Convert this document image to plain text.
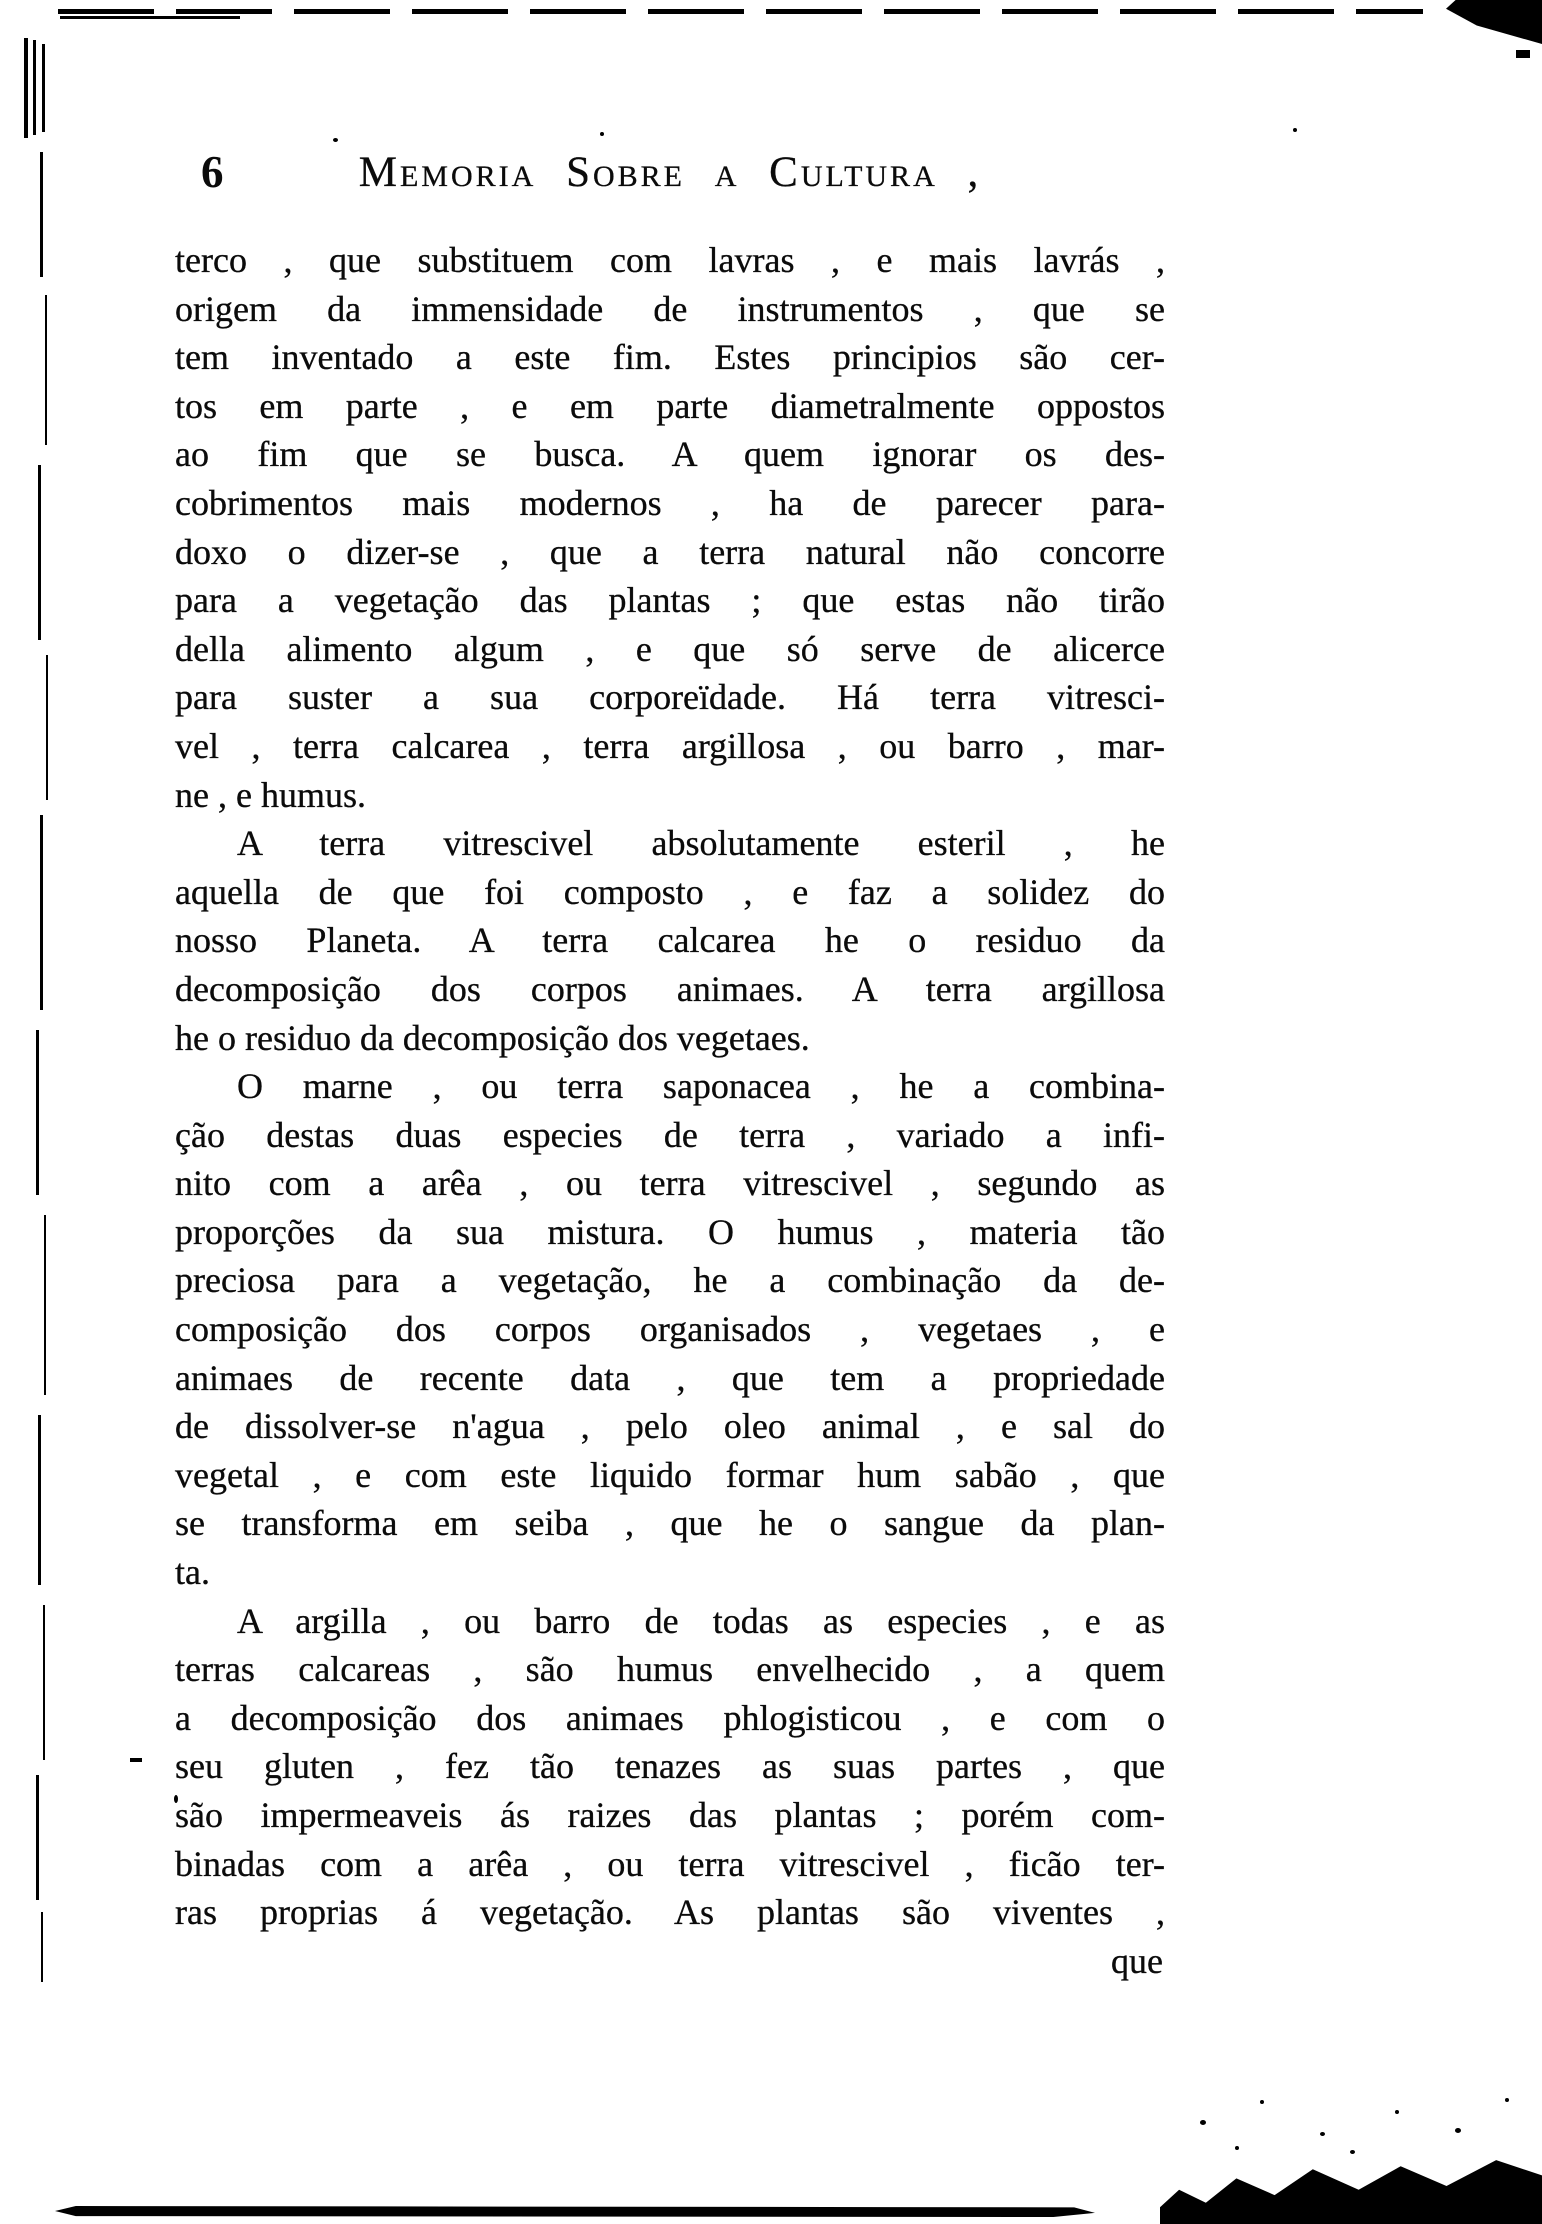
6	Memoria Sobre a Cultura ,
terco , que substituem com lavras , e mais lavrás ,
origem da immensidade de instrumentos , que se
tem inventado a este fim. Estes principios são cer-
tos em parte , e em parte diametralmente oppostos
ao fim que se busca. A quem ignorar os des-
cobrimentos mais modernos , ha de parecer para-
doxo o dizer-se , que a terra natural não concorre
para a vegetação das plantas ; que estas não tirão
della alimento algum , e que só serve de alicerce
para suster a sua corporeïdade. Há terra vitresci-
vel , terra calcarea , terra argillosa , ou barro , mar-
ne , e humus.
A terra vitrescivel absolutamente esteril , he
aquella de que foi composto , e faz a solidez do
nosso Planeta. A terra calcarea he o residuo da
decomposição dos corpos animaes. A terra argillosa
he o residuo da decomposição dos vegetaes.
O marne , ou terra saponacea , he a combina-
ção destas duas especies de terra , variado a infi-
nito com a arêa , ou terra vitrescivel , segundo as
proporções da sua mistura. O humus , materia tão
preciosa para a vegetação, he a combinação da de-
composição dos corpos organisados , vegetaes , e
animaes de recente data , que tem a propriedade
de dissolver-se n'agua , pelo oleo animal , e sal do
vegetal , e com este liquido formar hum sabão , que
se transforma em seiba , que he o sangue da plan-
ta.
A argilla , ou barro de todas as especies , e as
terras calcareas , são humus envelhecido , a quem
a decomposição dos animaes phlogisticou , e com o
seu gluten , fez tão tenazes as suas partes , que
são impermeaveis ás raizes das plantas ; porém com-
binadas com a arêa , ou terra vitrescivel , ficão ter-
ras proprias á vegetação. As plantas são viventes ,
que
